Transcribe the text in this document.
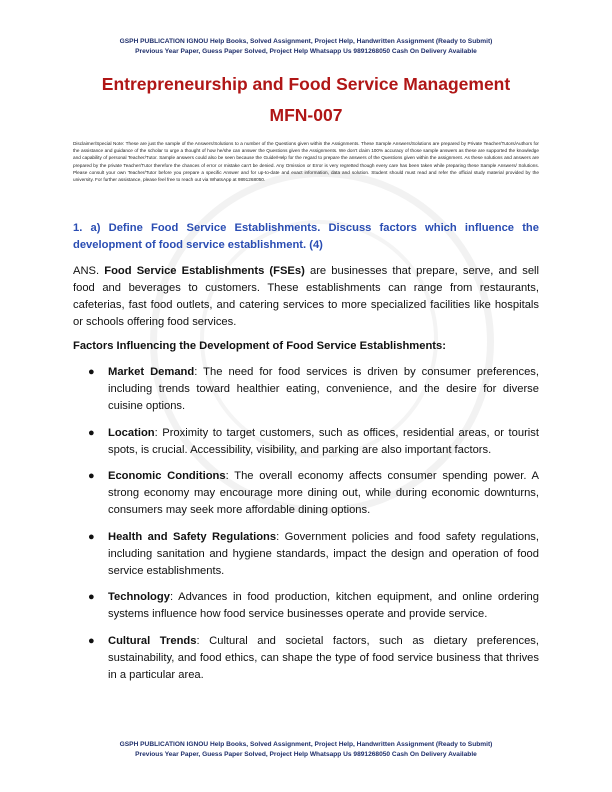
GSPH PUBLICATION IGNOU Help Books, Solved Assignment, Project Help, Handwritten Assignment (Ready to Submit)
Previous Year Paper, Guess Paper Solved, Project Help Whatsapp Us 9891268050 Cash On Delivery Available
Entrepreneurship and Food Service Management
MFN-007
Disclaimer/Special Note: These are just the sample of the Answers/Solutions to a number of the Questions given within the Assignments. These Sample Answers/Solutions are prepared by Private Teacher/Tutors/Authors for the assistance and guidance of the scholar to urge a thought of how he/she can answer the Questions given the Assignments. We don't claim 100% accuracy of those sample answers as these are supported the knowledge and capability of personal Teacher/Tutor. Sample answers could also be seen because the Guide/Help for the regard to prepare the answers of the Questions given within the assignment. As these solutions and answers are prepared by the private Teacher/Tutor therefore the chances of error or mistake can't be denied. Any Omission or Error is very regretted though every care has been taken while preparing these Sample Answers/ Solutions. Please consult your own Teacher/Tutor before you prepare a specific Answer and for up-to-date and exact information, data and solution. Student should must read and refer the official study material provided by the university. For further assistance, please feel free to reach out via WhatsApp at 9891268050.
1. a) Define Food Service Establishments. Discuss factors which influence the development of food service establishment. (4)
ANS. Food Service Establishments (FSEs) are businesses that prepare, serve, and sell food and beverages to customers. These establishments can range from restaurants, cafeterias, fast food outlets, and catering services to more specialized facilities like hospitals or schools offering food services.
Factors Influencing the Development of Food Service Establishments:
● Market Demand: The need for food services is driven by consumer preferences, including trends toward healthier eating, convenience, and the desire for diverse cuisine options.
● Location: Proximity to target customers, such as offices, residential areas, or tourist spots, is crucial. Accessibility, visibility, and parking are also important factors.
● Economic Conditions: The overall economy affects consumer spending power. A strong economy may encourage more dining out, while during economic downturns, consumers may seek more affordable dining options.
● Health and Safety Regulations: Government policies and food safety regulations, including sanitation and hygiene standards, impact the design and operation of food service establishments.
● Technology: Advances in food production, kitchen equipment, and online ordering systems influence how food service businesses operate and provide service.
● Cultural Trends: Cultural and societal factors, such as dietary preferences, sustainability, and food ethics, can shape the type of food service business that thrives in a particular area.
GSPH PUBLICATION IGNOU Help Books, Solved Assignment, Project Help, Handwritten Assignment (Ready to Submit)
Previous Year Paper, Guess Paper Solved, Project Help Whatsapp Us 9891268050 Cash On Delivery Available
